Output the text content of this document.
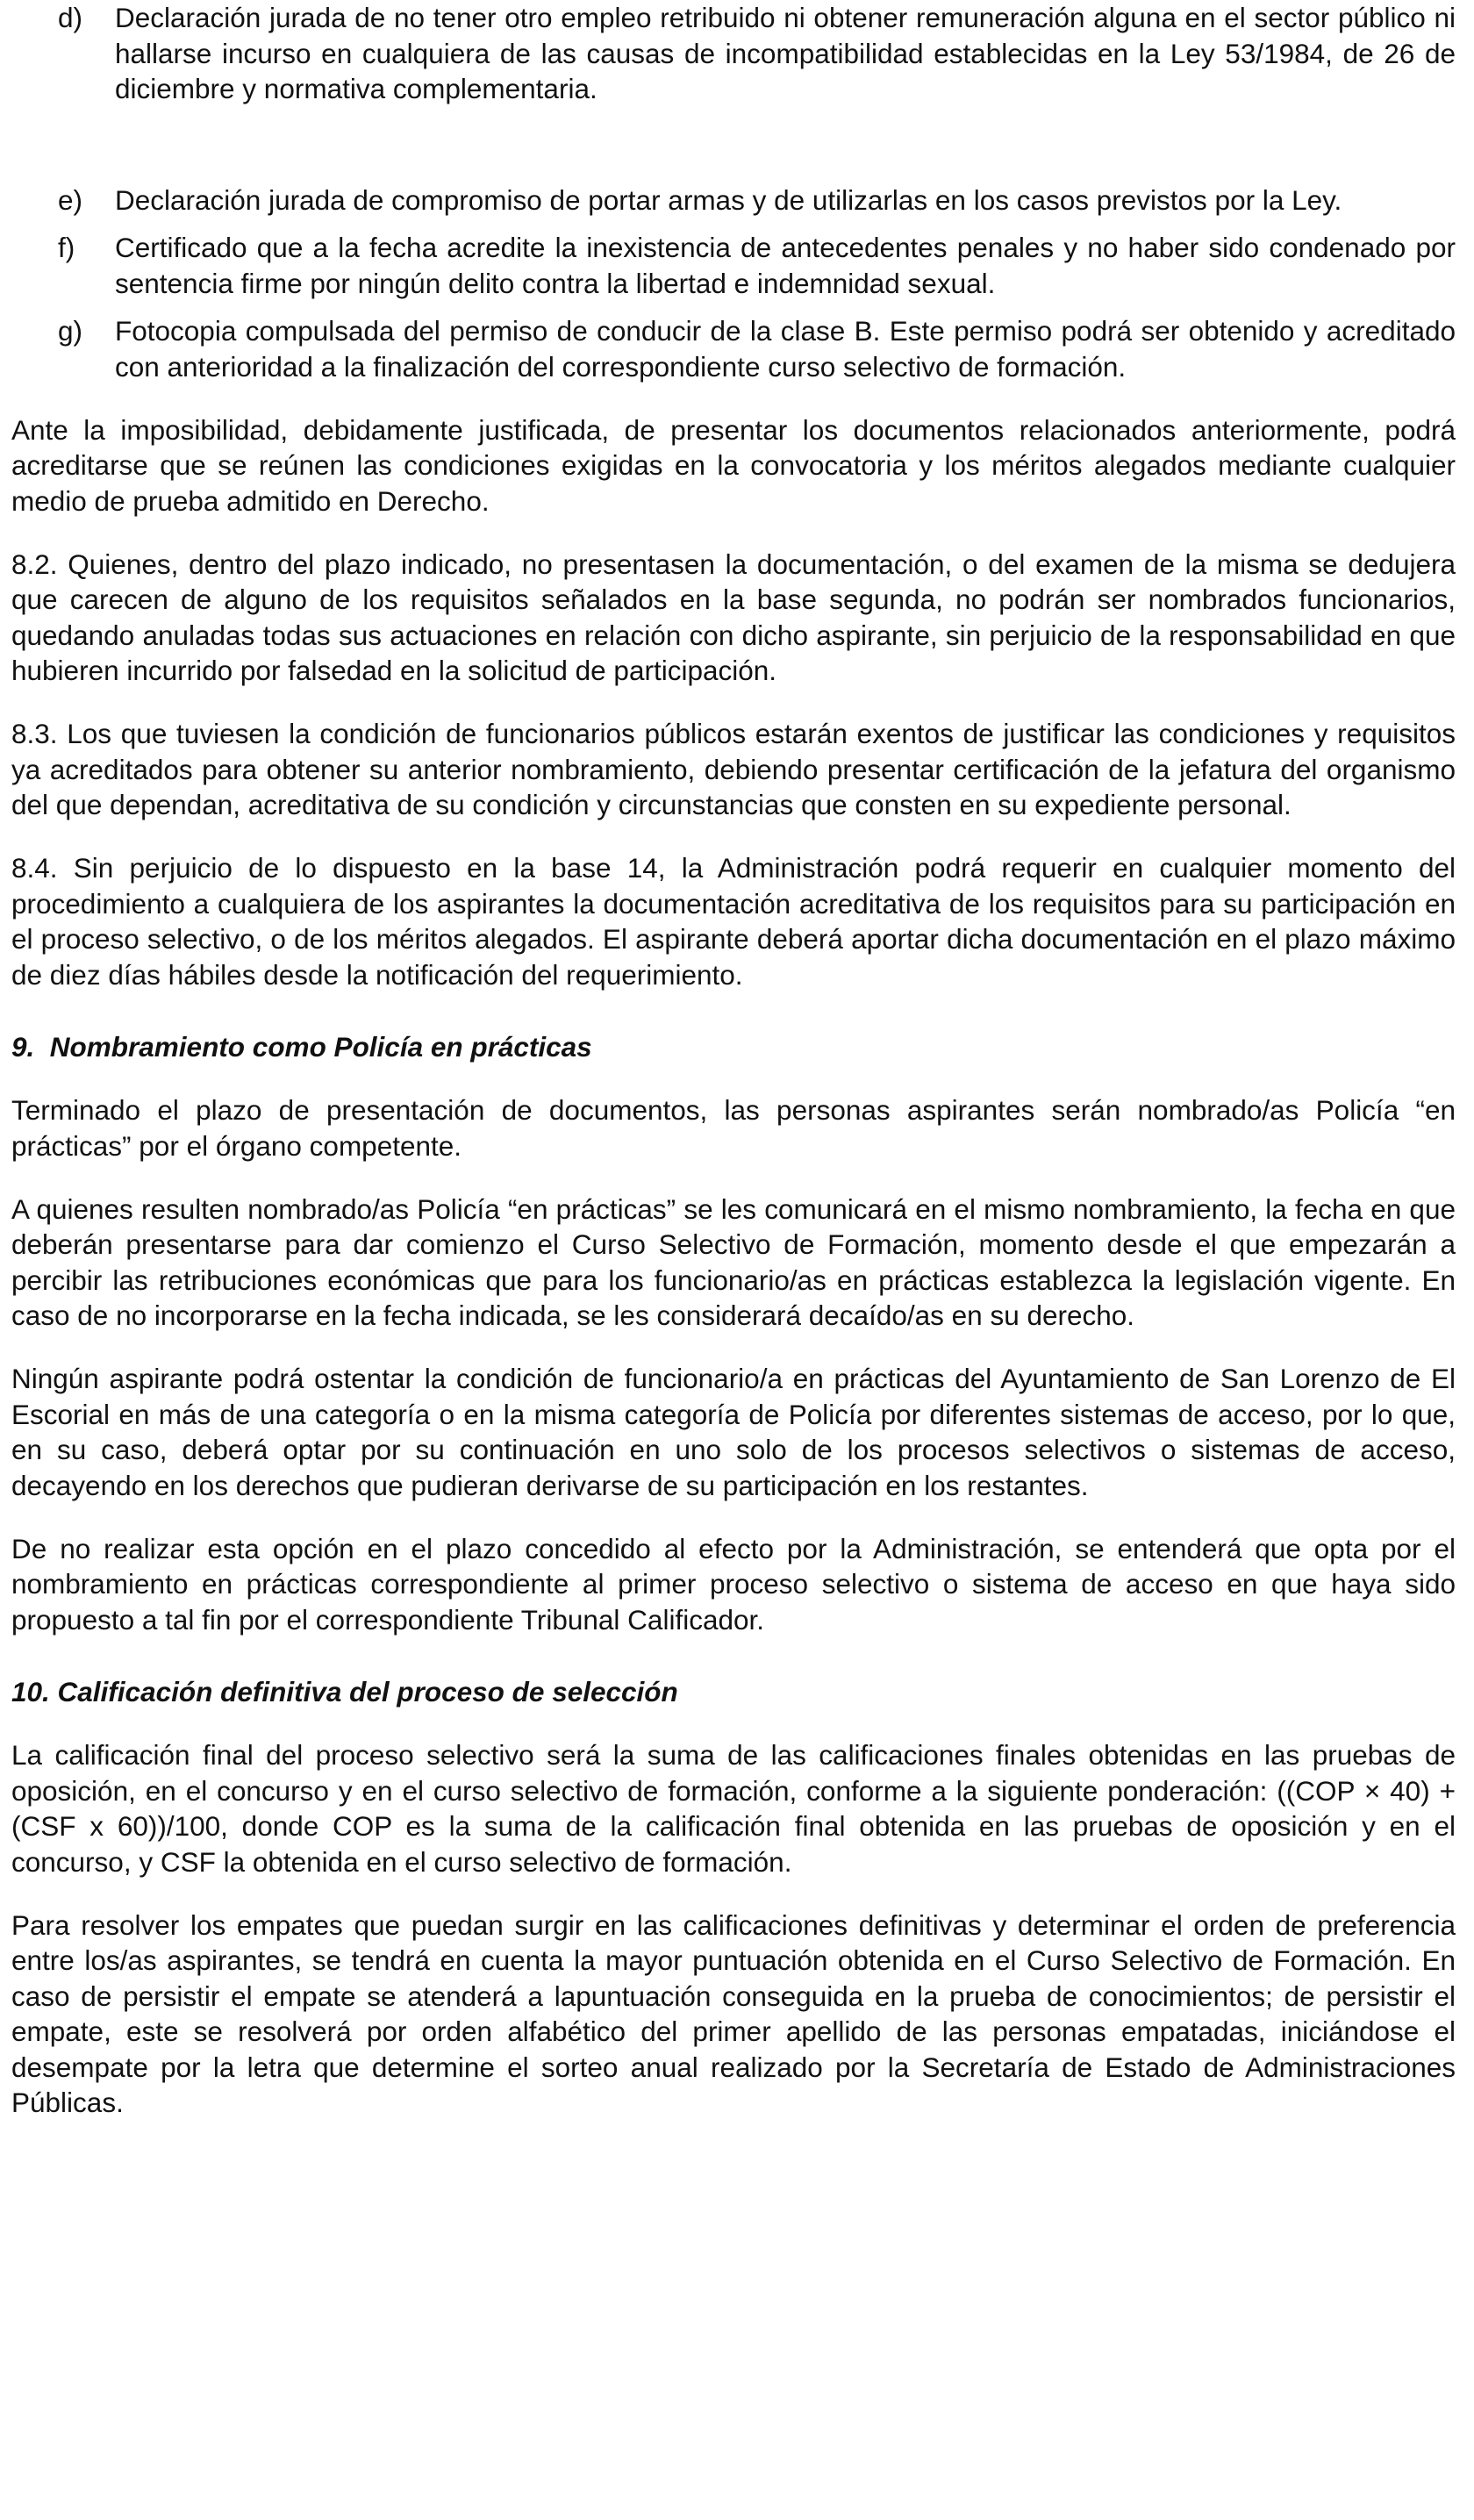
d) Declaración jurada de no tener otro empleo retribuido ni obtener remuneración alguna en el sector público ni hallarse incurso en cualquiera de las causas de incompatibilidad establecidas en la Ley 53/1984, de 26 de diciembre y normativa complementaria.
e) Declaración jurada de compromiso de portar armas y de utilizarlas en los casos previstos por la Ley.
f) Certificado que a la fecha acredite la inexistencia de antecedentes penales y no haber sido condenado por sentencia firme por ningún delito contra la libertad e indemnidad sexual.
g) Fotocopia compulsada del permiso de conducir de la clase B. Este permiso podrá ser obtenido y acreditado con anterioridad a la finalización del correspondiente curso selectivo de formación.

Ante la imposibilidad, debidamente justificada, de presentar los documentos relacionados anteriormente, podrá acreditarse que se reúnen las condiciones exigidas en la convocatoria y los méritos alegados mediante cualquier medio de prueba admitido en Derecho.

8.2. Quienes, dentro del plazo indicado, no presentasen la documentación, o del examen de la misma se dedujera que carecen de alguno de los requisitos señalados en la base segunda, no podrán ser nombrados funcionarios, quedando anuladas todas sus actuaciones en relación con dicho aspirante, sin perjuicio de la responsabilidad en que hubieren incurrido por falsedad en la solicitud de participación.

8.3. Los que tuviesen la condición de funcionarios públicos estarán exentos de justificar las condiciones y requisitos ya acreditados para obtener su anterior nombramiento, debiendo presentar certificación de la jefatura del organismo del que dependan, acreditativa de su condición y circunstancias que consten en su expediente personal.

8.4. Sin perjuicio de lo dispuesto en la base 14, la Administración podrá requerir en cualquier momento del procedimiento a cualquiera de los aspirantes la documentación acreditativa de los requisitos para su participación en el proceso selectivo, o de los méritos alegados. El aspirante deberá aportar dicha documentación en el plazo máximo de diez días hábiles desde la notificación del requerimiento.

9.  Nombramiento como Policía en prácticas

Terminado el plazo de presentación de documentos, las personas aspirantes serán nombrado/as Policía “en prácticas” por el órgano competente.

A quienes resulten nombrado/as Policía “en prácticas” se les comunicará en el mismo nombramiento, la fecha en que deberán presentarse para dar comienzo el Curso Selectivo de Formación, momento desde el que empezarán a percibir las retribuciones económicas que para los funcionario/as en prácticas establezca la legislación vigente. En caso de no incorporarse en la fecha indicada, se les considerará decaído/as en su derecho.

Ningún aspirante podrá ostentar la condición de funcionario/a en prácticas del Ayuntamiento de San Lorenzo de El Escorial en más de una categoría o en la misma categoría de Policía por diferentes sistemas de acceso, por lo que, en su caso, deberá optar por su continuación en uno solo de los procesos selectivos o sistemas de acceso, decayendo en los derechos que pudieran derivarse de su participación en los restantes.

De no realizar esta opción en el plazo concedido al efecto por la Administración, se entenderá que opta por el nombramiento en prácticas correspondiente al primer proceso selectivo o sistema de acceso en que haya sido propuesto a tal fin por el correspondiente Tribunal Calificador.

10. Calificación definitiva del proceso de selección

La calificación final del proceso selectivo será la suma de las calificaciones finales obtenidas en las pruebas de oposición, en el concurso y en el curso selectivo de formación, conforme a la siguiente ponderación: ((COP × 40) + (CSF x 60))/100, donde COP es la suma de la calificación final obtenida en las pruebas de oposición y en el concurso, y CSF la obtenida en el curso selectivo de formación.

Para resolver los empates que puedan surgir en las calificaciones definitivas y determinar el orden de preferencia entre los/as aspirantes, se tendrá en cuenta la mayor puntuación obtenida en el Curso Selectivo de Formación. En caso de persistir el empate se atenderá a lapuntuación conseguida en la prueba de conocimientos; de persistir el empate, este se resolverá por orden alfabético del primer apellido de las personas empatadas, iniciándose el desempate por la letra que determine el sorteo anual realizado por la Secretaría de Estado de Administraciones Públicas.
